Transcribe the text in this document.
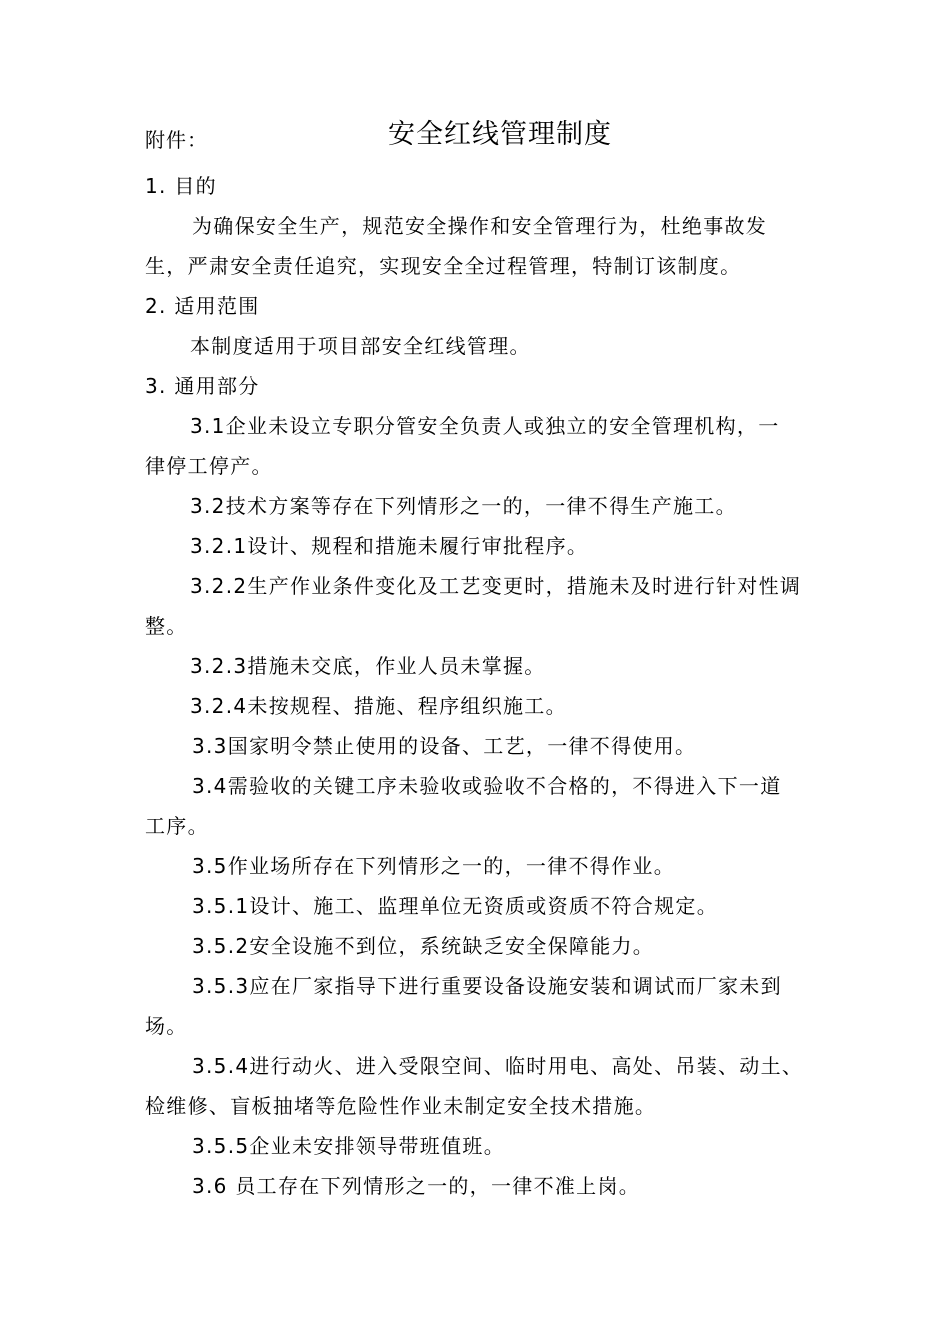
附件：	安全红线管理制度
1. 目的
为确保安全生产，规范安全操作和安全管理行为，杜绝事故发
生，严肃安全责任追究，实现安全全过程管理，特制订该制度。
2. 适用范围
本制度适用于项目部安全红线管理。
3. 通用部分
3.1企业未设立专职分管安全负责人或独立的安全管理机构，一
律停工停产。
3.2技术方案等存在下列情形之一的，一律不得生产施工。
3.2.1设计、规程和措施未履行审批程序。
3.2.2生产作业条件变化及工艺变更时，措施未及时进行针对性调
整。
3.2.3措施未交底，作业人员未掌握。
3.2.4未按规程、措施、程序组织施工。
3.3国家明令禁止使用的设备、工艺，一律不得使用。
3.4需验收的关键工序未验收或验收不合格的，不得进入下一道
工序。
3.5作业场所存在下列情形之一的，一律不得作业。
3.5.1设计、施工、监理单位无资质或资质不符合规定。
3.5.2安全设施不到位，系统缺乏安全保障能力。
3.5.3应在厂家指导下进行重要设备设施安装和调试而厂家未到
场。
3.5.4进行动火、进入受限空间、临时用电、高处、吊装、动土、
检维修、盲板抽堵等危险性作业未制定安全技术措施。
3.5.5企业未安排领导带班值班。
3.6 员工存在下列情形之一的，一律不准上岗。
